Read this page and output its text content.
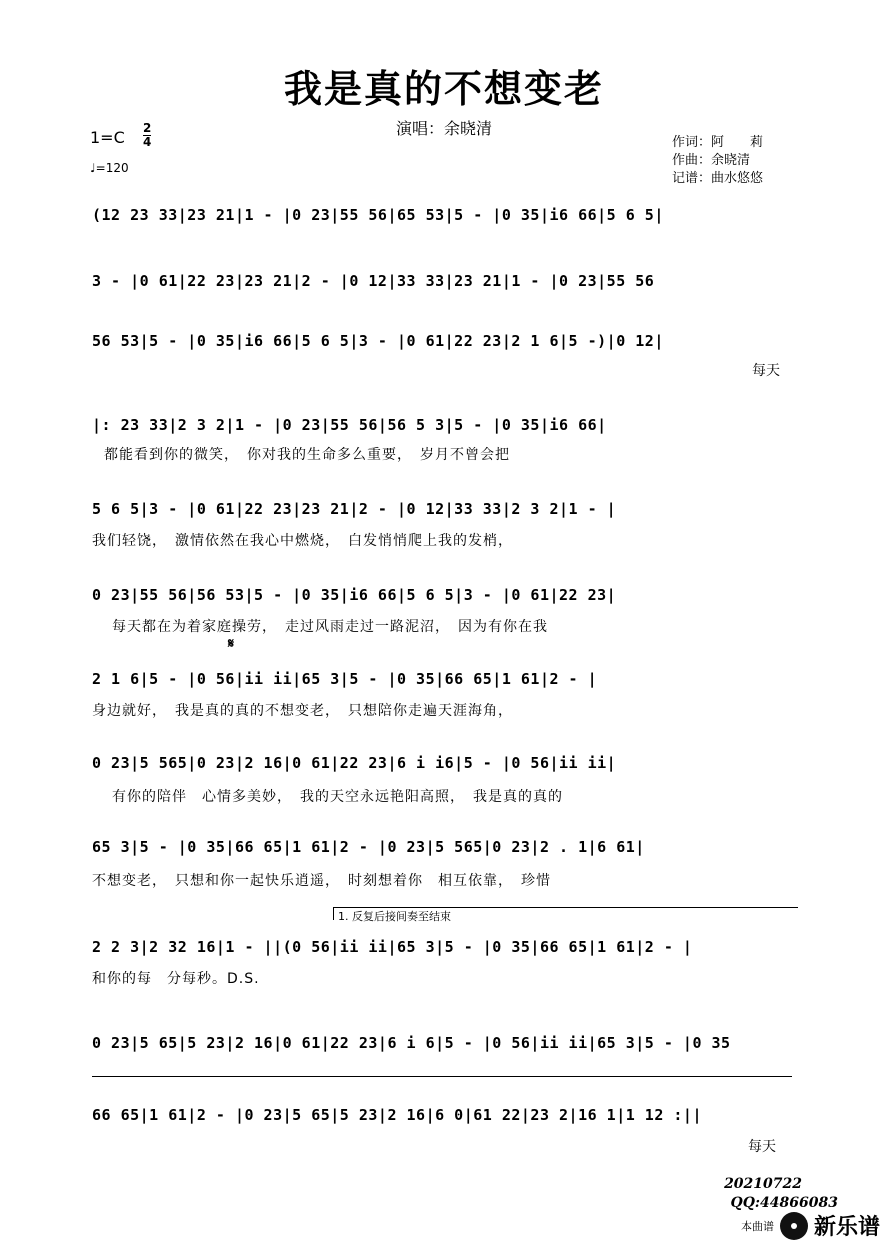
我是真的不想变老
演唱：余晓清
1=C 2
4
♩=120
作词：阿　　莉
作曲：余晓清
记谱：曲水悠悠
(12 23 33|23 21|1 - |0 23|55 56|65 53|5 - |0 35|i6 66|5 6 5|
3 - |0 61|22 23|23 21|2 - |0 12|33 33|23 21|1 - |0 23|55 56
56 53|5 - |0 35|i6 66|5 6 5|3 - |0 61|22 23|2 1 6|5 -)|0 12|
每天
|: 23 33|2 3 2|1 - |0 23|55 56|56 5 3|5 - |0 35|i6 66|
都能看到你的微笑，　你对我的生命多么重要，　岁月不曾会把
5 6 5|3 - |0 61|22 23|23 21|2 - |0 12|33 33|2 3 2|1 - |
我们轻饶，　激情依然在我心中燃烧，　白发悄悄爬上我的发梢，
0 23|55 56|56 53|5 - |0 35|i6 66|5 6 5|3 - |0 61|22 23|
每天都在为着家庭操劳，　走过风雨走过一路泥沼，　因为有你在我
𝄋
2 1 6|5 - |0 56|ii ii|65 3|5 - |0 35|66 65|1 61|2 - |
身边就好，　我是真的真的不想变老，　只想陪你走遍天涯海角，
0 23|5 565|0 23|2 16|0 61|22 23|6 i i6|5 - |0 56|ii ii|
有你的陪伴　心情多美妙，　我的天空永远艳阳高照，　我是真的真的
65 3|5 - |0 35|66 65|1 61|2 - |0 23|5 565|0 23|2 . 1|6 61|
不想变老，　只想和你一起快乐逍遥，　时刻想着你　相互依靠，　珍惜
1. 反复后接间奏至结束
2 2 3|2 32 16|1 - ||(0 56|ii ii|65 3|5 - |0 35|66 65|1 61|2 - |
和你的每　分每秒。D.S.
0 23|5 65|5 23|2 16|0 61|22 23|6 i 6|5 - |0 56|ii ii|65 3|5 - |0 35
66 65|1 61|2 - |0 23|5 65|5 23|2 16|6 0|61 22|23 2|16 1|1 12 :||
每天
20210722
QQ:44866083
本曲谱 新乐谱
